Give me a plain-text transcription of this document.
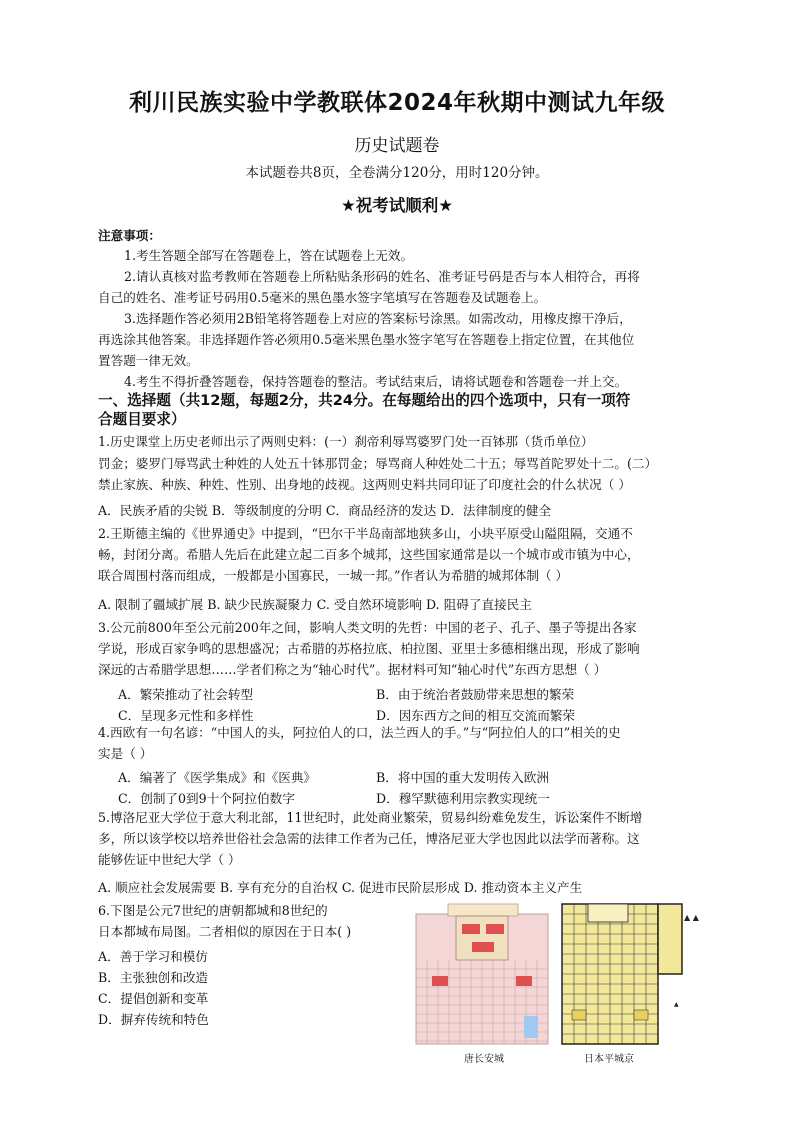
利川民族实验中学教联体2024年秋期中测试九年级
历史试题卷
本试题卷共8页，全卷满分120分，用时120分钟。
★祝考试顺利★
注意事项：
1.考生答题全部写在答题卷上，答在试题卷上无效。
2.请认真核对监考教师在答题卷上所粘贴条形码的姓名、准考证号码是否与本人相符合，再将
自己的姓名、准考证号码用0.5毫米的黑色墨水签字笔填写在答题卷及试题卷上。
3.选择题作答必须用2B铅笔将答题卷上对应的答案标号涂黑。如需改动，用橡皮擦干净后，
再选涂其他答案。非选择题作答必须用0.5毫米黑色墨水签字笔写在答题卷上指定位置，在其他位
置答题一律无效。
4.考生不得折叠答题卷，保持答题卷的整洁。考试结束后，请将试题卷和答题卷一并上交。
一、选择题（共12题，每题2分，共24分。在每题给出的四个选项中，只有一项符
合题目要求）
1.历史课堂上历史老师出示了两则史料：(一）刹帝利辱骂婆罗门处一百钵那（货币单位）
罚金；婆罗门辱骂武士种姓的人处五十钵那罚金；辱骂商人种姓处二十五；辱骂首陀罗处十二。(二）
禁止家族、种族、种姓、性别、出身地的歧视。这两则史料共同印证了印度社会的什么状况（ ）
A．民族矛盾的尖锐 B．等级制度的分明 C．商品经济的发达 D．法律制度的健全
2.王斯德主编的《世界通史》中提到，“巴尔干半岛南部地狭多山，小块平原受山隘阻隔，交通不
畅，封闭分离。希腊人先后在此建立起二百多个城邦，这些国家通常是以一个城市或市镇为中心，
联合周围村落而组成，一般都是小国寡民，一城一邦。”作者认为希腊的城邦体制（ ）
A. 限制了疆域扩展 B. 缺少民族凝聚力 C. 受自然环境影响 D. 阻碍了直接民主
3.公元前800年至公元前200年之间，影响人类文明的先哲：中国的老子、孔子、墨子等提出各家
学说，形成百家争鸣的思想盛况；古希腊的苏格拉底、柏拉图、亚里士多德相继出现，形成了影响
深远的古希腊学思想……学者们称之为“轴心时代”。据材料可知“轴心时代”东西方思想（ ）
A．繁荣推动了社会转型	B．由于统治者鼓励带来思想的繁荣
C．呈现多元性和多样性	D．因东西方之间的相互交流而繁荣
4.西欧有一句名谚：“中国人的头，阿拉伯人的口，法兰西人的手。”与“阿拉伯人的口”相关的史
实是（ ）
A．编著了《医学集成》和《医典》	B．将中国的重大发明传入欧洲
C．创制了0到9十个阿拉伯数字	D．穆罕默德利用宗教实现统一
5.博洛尼亚大学位于意大利北部，11世纪时，此处商业繁荣，贸易纠纷难免发生，诉讼案件不断增
多，所以该学校以培养世俗社会急需的法律工作者为己任，博洛尼亚大学也因此以法学而著称。这
能够佐证中世纪大学（ ）
A. 顺应社会发展需要 B. 享有充分的自治权 C. 促进市民阶层形成 D. 推动资本主义产生
6.下图是公元7世纪的唐朝都城和8世纪的
日本都城布局图。二者相似的原因在于日本( )
A．善于学习和模仿
B．主张独创和改造
C．提倡创新和变革
D．摒弃传统和特色
▲
▲ ▲
唐长安城	日本平城京
